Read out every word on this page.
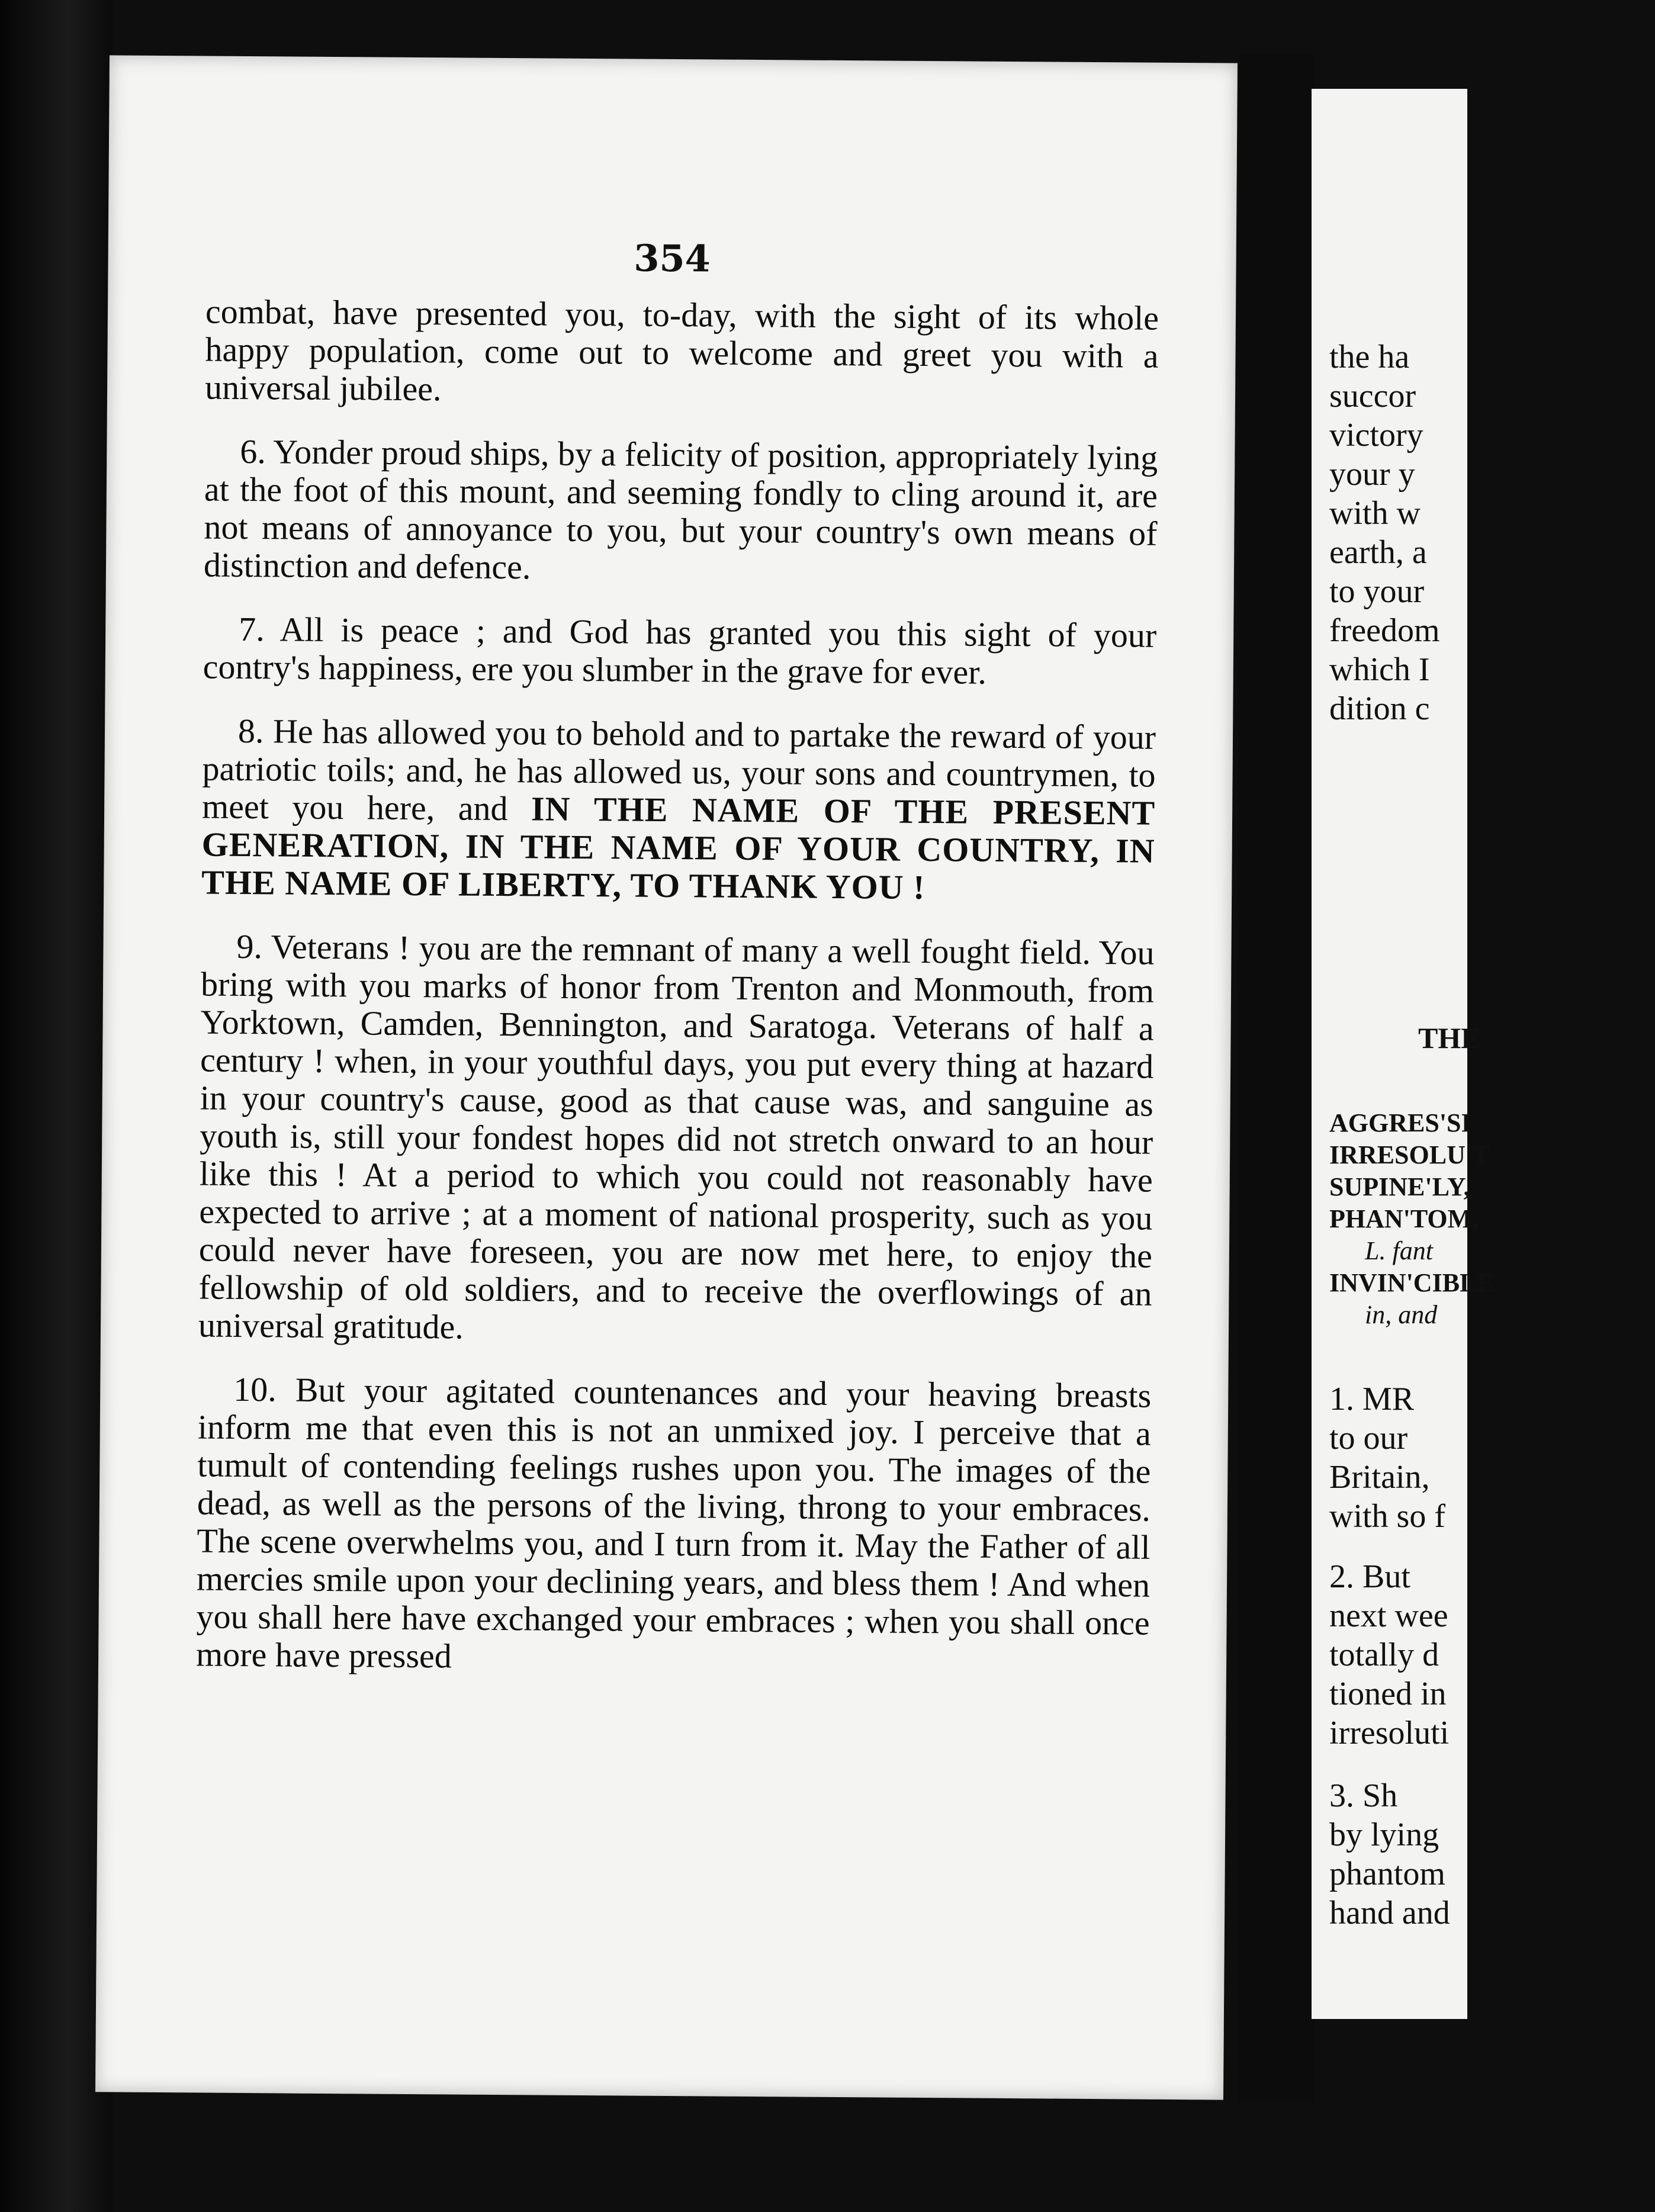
354

combat, have presented you, to-day, with the sight of its whole happy population, come out to welcome and greet you with a universal jubilee.

6. Yonder proud ships, by a felicity of position, appropriately lying at the foot of this mount, and seeming fondly to cling around it, are not means of annoyance to you, but your country's own means of distinction and defence.

7. All is peace ; and God has granted you this sight of your contry's happiness, ere you slumber in the grave for ever.

8. He has allowed you to behold and to partake the reward of your patriotic toils; and, he has allowed us, your sons and countrymen, to meet you here, and IN THE NAME OF THE PRESENT GENERATION, IN THE NAME OF YOUR COUNTRY, IN THE NAME OF LIBERTY, TO THANK YOU !

9. Veterans ! you are the remnant of many a well fought field. You bring with you marks of honor from Trenton and Monmouth, from Yorktown, Camden, Bennington, and Saratoga. Veterans of half a century ! when, in your youthful days, you put every thing at hazard in your country's cause, good as that cause was, and sanguine as youth is, still your fondest hopes did not stretch onward to an hour like this ! At a period to which you could not reasonably have expected to arrive ; at a moment of national prosperity, such as you could never have foreseen, you are now met here, to enjoy the fellowship of old soldiers, and to receive the overflowings of an universal gratitude.

10. But your agitated countenances and your heaving breasts inform me that even this is not an unmixed joy. I perceive that a tumult of contending feelings rushes upon you. The images of the dead, as well as the persons of the living, throng to your embraces. The scene overwhelms you, and I turn from it. May the Father of all mercies smile upon your declining years, and bless them ! And when you shall here have exchanged your embraces ; when you shall once more have pressed

the ha
succor
victory
your y
with w
earth, a
to your
freedom
which I
dition c
THE
AGGRES'SI
IRRESOLU'T
SUPINE'LY,
PHAN'TOM,
L. fant
INVIN'CIBLE
in, and
1. MR
to our
Britain,
with so f
2. But
next wee
totally d
tioned in
irresoluti
3. Sh
by lying
phantom
hand and
